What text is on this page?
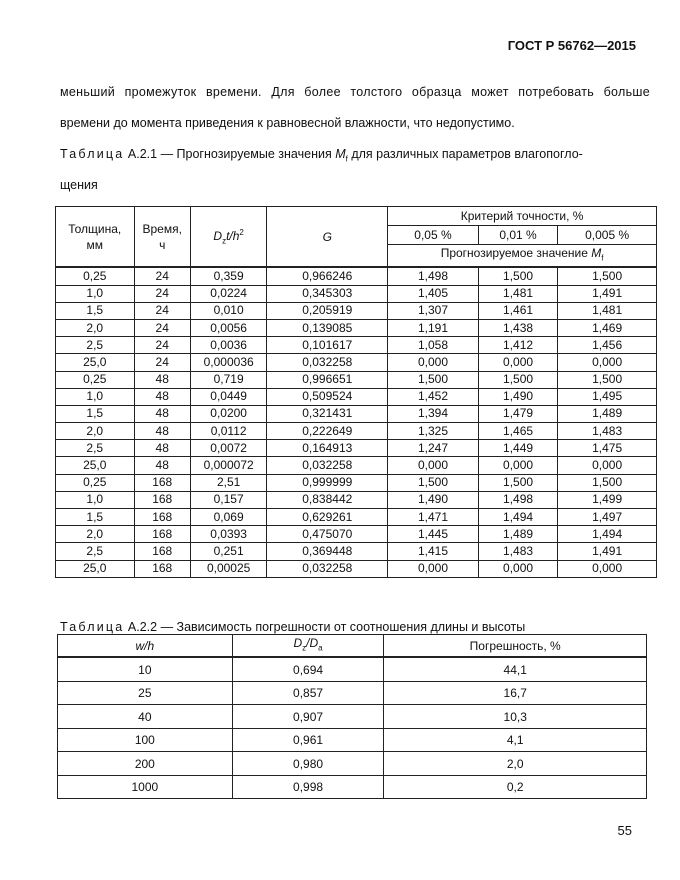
ГОСТ Р 56762—2015
меньший промежуток времени. Для более толстого образца может потребовать больше
времени до момента приведения к равновесной влажности, что недопустимо.
Таблица А.2.1 — Прогнозируемые значения $M_f$ для различных параметров влагопогло-
щения
Толщина,
мм	Время,
ч	$D_zt/h^2$	G	Критерий точности, %		
				0,05 %	0,01 %	0,005 %
				Прогнозируемое значение $M_f$
0,25	24	0,359	0,966246	1,498	1,500	1,500
1,0	24	0,0224	0,345303	1,405	1,481	1,491
1,5	24	0,010	0,205919	1,307	1,461	1,481
2,0	24	0,0056	0,139085	1,191	1,438	1,469
2,5	24	0,0036	0,101617	1,058	1,412	1,456
25,0	24	0,000036	0,032258	0,000	0,000	0,000
0,25	48	0,719	0,996651	1,500	1,500	1,500
1,0	48	0,0449	0,509524	1,452	1,490	1,495
1,5	48	0,0200	0,321431	1,394	1,479	1,489
2,0	48	0,0112	0,222649	1,325	1,465	1,483
2,5	48	0,0072	0,164913	1,247	1,449	1,475
25,0	48	0,000072	0,032258	0,000	0,000	0,000
0,25	168	2,51	0,999999	1,500	1,500	1,500
1,0	168	0,157	0,838442	1,490	1,498	1,499
1,5	168	0,069	0,629261	1,471	1,494	1,497
2,0	168	0,0393	0,475070	1,445	1,489	1,494
2,5	168	0,251	0,369448	1,415	1,483	1,491
25,0	168	0,00025	0,032258	0,000	0,000	0,000
Таблица А.2.2 — Зависимость погрешности от соотношения длины и высоты
w/h	$D_z/D_a$	Погрешность, %
10	0,694	44,1
25	0,857	16,7
40	0,907	10,3
100	0,961	4,1
200	0,980	2,0
1000	0,998	0,2
55
